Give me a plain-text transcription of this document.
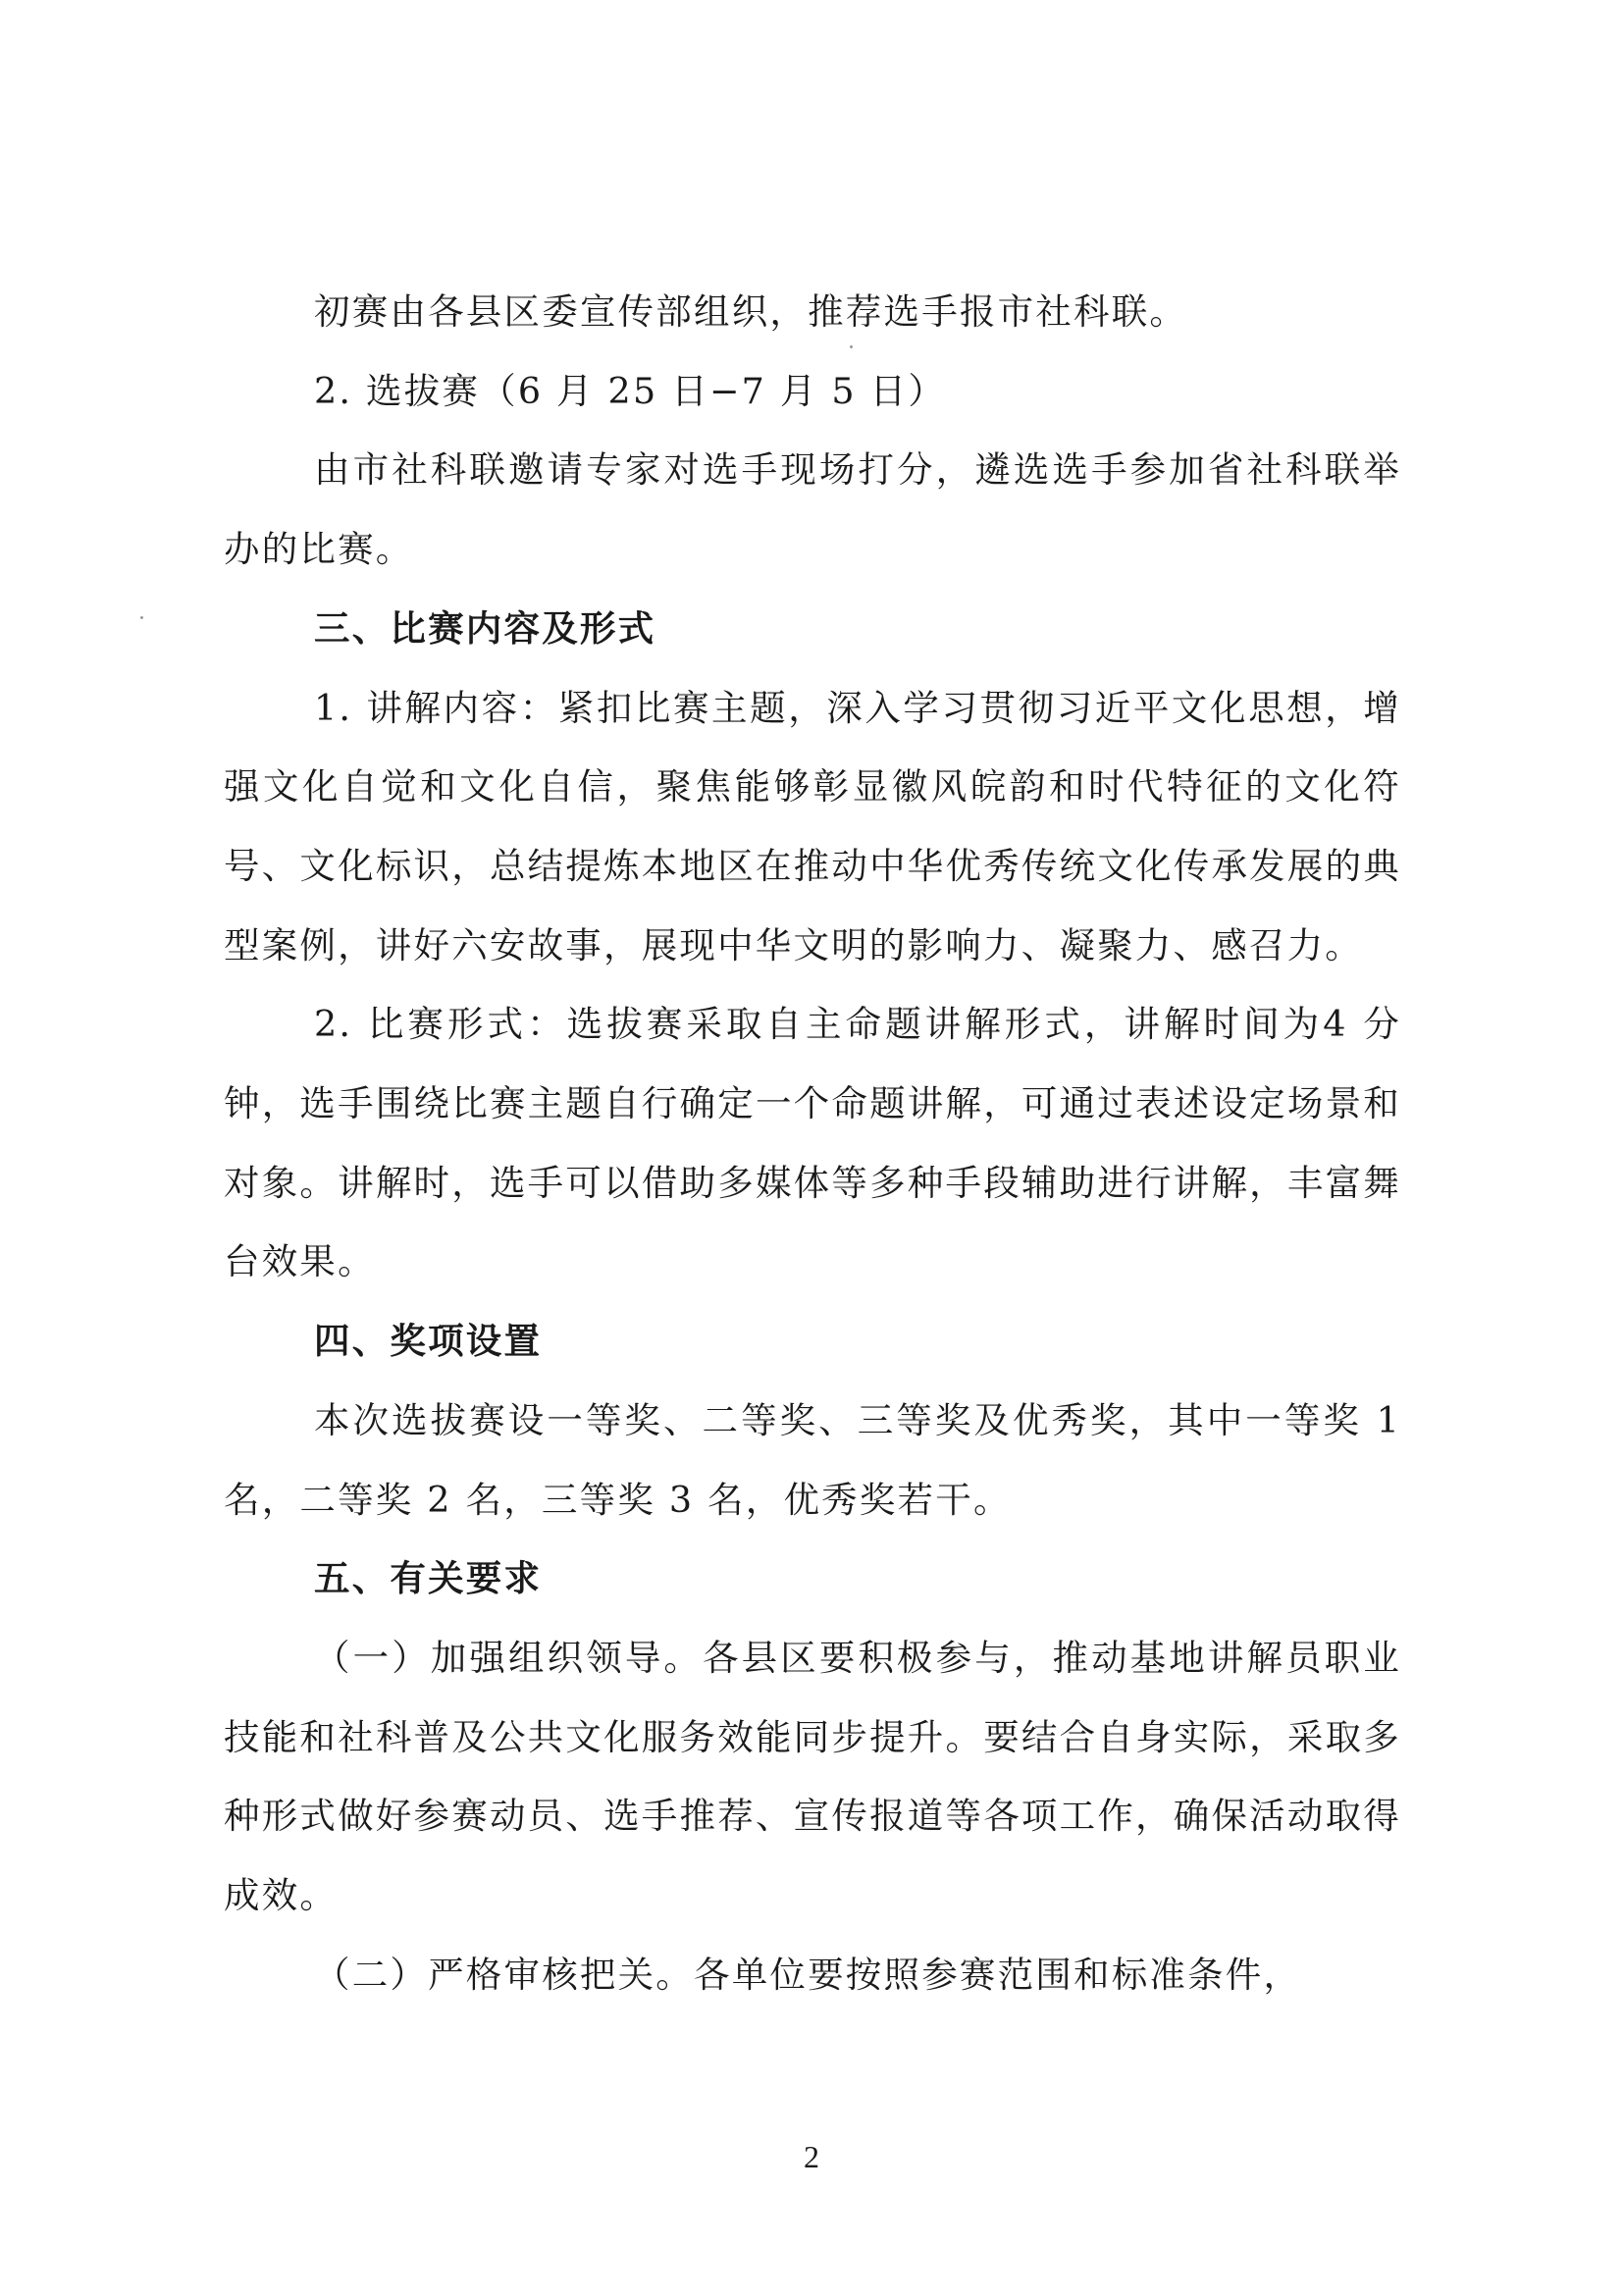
初赛由各县区委宣传部组织，推荐选手报市社科联。

2. 选拔赛（6 月 25 日−7 月 5 日）

由市社科联邀请专家对选手现场打分，遴选选手参加省社科联举办的比赛。

三、比赛内容及形式

1. 讲解内容：紧扣比赛主题，深入学习贯彻习近平文化思想，增强文化自觉和文化自信，聚焦能够彰显徽风皖韵和时代特征的文化符号、文化标识，总结提炼本地区在推动中华优秀传统文化传承发展的典型案例，讲好六安故事，展现中华文明的影响力、凝聚力、感召力。

2. 比赛形式：选拔赛采取自主命题讲解形式，讲解时间为4 分钟，选手围绕比赛主题自行确定一个命题讲解，可通过表述设定场景和对象。讲解时，选手可以借助多媒体等多种手段辅助进行讲解，丰富舞台效果。

四、奖项设置

本次选拔赛设一等奖、二等奖、三等奖及优秀奖，其中一等奖 1 名，二等奖 2 名，三等奖 3 名，优秀奖若干。

五、有关要求

（一）加强组织领导。各县区要积极参与，推动基地讲解员职业技能和社科普及公共文化服务效能同步提升。要结合自身实际，采取多种形式做好参赛动员、选手推荐、宣传报道等各项工作，确保活动取得成效。

（二）严格审核把关。各单位要按照参赛范围和标准条件，

2
